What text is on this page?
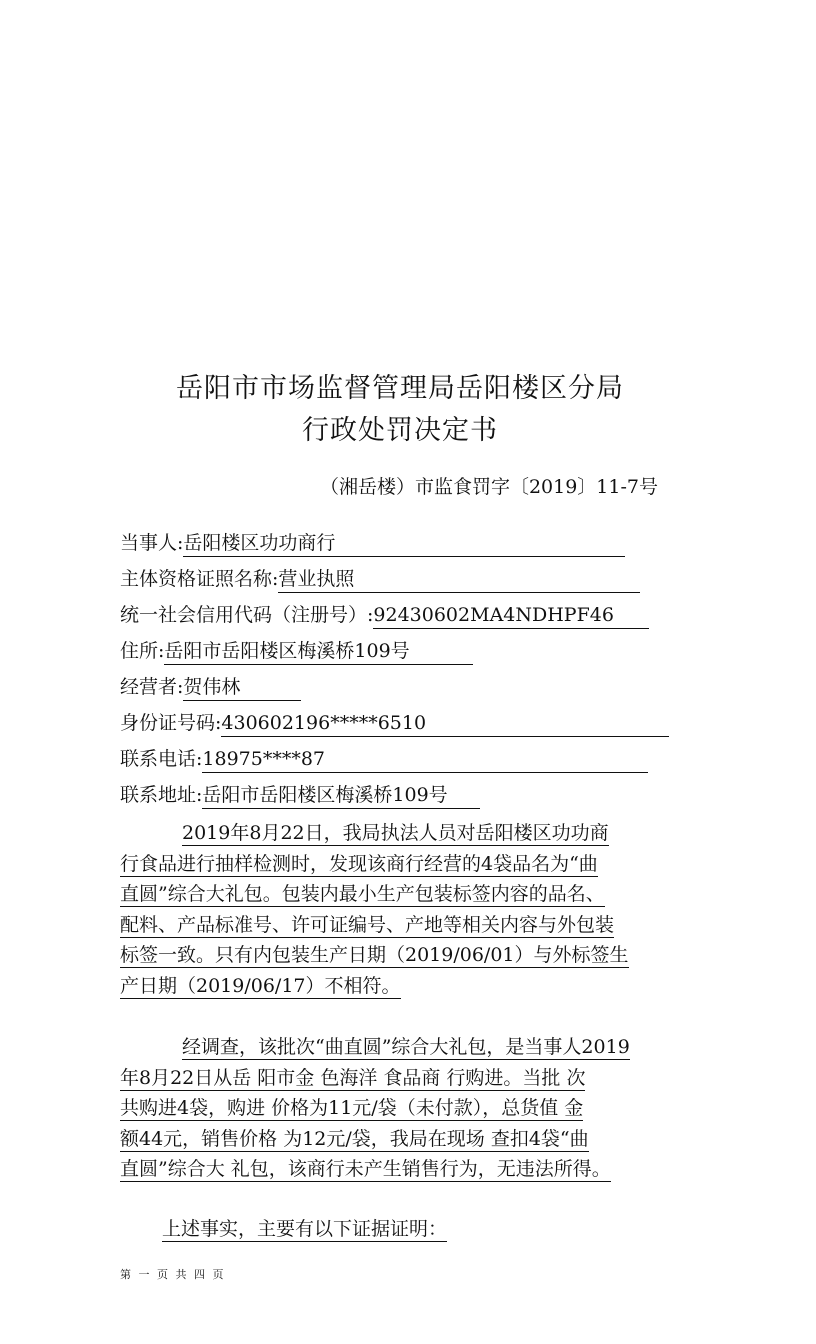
岳阳市市场监督管理局岳阳楼区分局
行政处罚决定书
（湘岳楼）市监食罚字〔2019〕11-7号
当事人:岳阳楼区功功商行
主体资格证照名称:营业执照
统一社会信用代码（注册号）:92430602MA4NDHPF46
住所:岳阳市岳阳楼区梅溪桥109号
经营者:贺伟林
身份证号码:430602196*****6510
联系电话:18975****87
联系地址:岳阳市岳阳楼区梅溪桥109号
2019年8月22日，我局执法人员对岳阳楼区功功商
行食品进行抽样检测时，发现该商行经营的4袋品名为“曲
直圆”综合大礼包。包装内最小生产包装标签内容的品名、
配料、产品标准号、许可证编号、产地等相关内容与外包装
标签一致。只有内包装生产日期（2019/06/01）与外标签生
产日期（2019/06/17）不相符。
经调查，该批次“曲直圆”综合大礼包，是当事人2019
年8月22日从岳 阳市金 色海洋 食品商 行购进。当批 次
共购进4袋，购进 价格为11元/袋（未付款），总货值 金
额44元，销售价格 为12元/袋，我局在现场 查扣4袋“曲
直圆”综合大 礼包，该商行未产生销售行为，无违法所得。
上述事实，主要有以下证据证明：
第 一 页 共 四 页
